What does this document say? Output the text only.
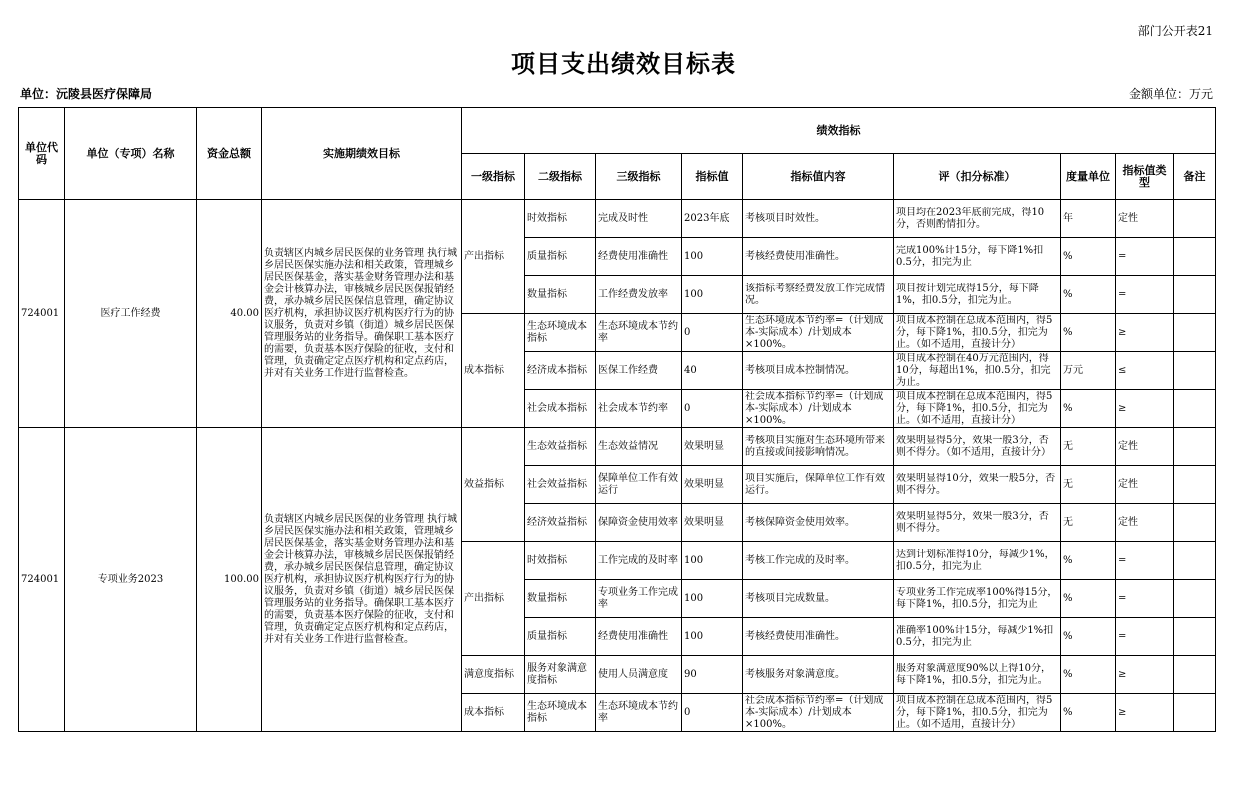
部门公开表21
项目支出绩效目标表
单位：沅陵县医疗保障局	金额单位：万元
单位代码	单位（专项）名称	资金总额	实施期绩效目标	绩效指标								
				一级指标	二级指标	三级指标	指标值	指标值内容	评（扣分标准）	度量单位	指标值类型	备注
724001	医疗工作经费	40.00	负责辖区内城乡居民医保的业务管理 执行城乡居民医保实施办法和相关政策，管理城乡居民医保基金，落实基金财务管理办法和基金会计核算办法，审核城乡居民医保报销经费，承办城乡居民医保信息管理，确定协议医疗机构，承担协议医疗机构医疗行为的协议服务，负责对乡镇（街道）城乡居民医保管理服务站的业务指导。确保职工基本医疗的需要，负责基本医疗保险的征收，支付和管理，负责确定定点医疗机构和定点药店，并对有关业务工作进行监督检查。	产出指标	时效指标	完成及时性	2023年底	考核项目时效性。	项目均在2023年底前完成，得10分，否则酌情扣分。	年	定性	
					质量指标	经费使用准确性	100	考核经费使用准确性。	完成100%计15分，每下降1%扣0.5分，扣完为止	%	=	
					数量指标	工作经费发放率	100	该指标考察经费发放工作完成情况。	项目按计划完成得15分，每下降1%，扣0.5分，扣完为止。	%	=	
				成本指标	生态环境成本指标	生态环境成本节约率	0	生态环境成本节约率=（计划成本-实际成本）/计划成本×100%。	项目成本控制在总成本范围内，得5分，每下降1%，扣0.5分，扣完为止。（如不适用，直接计分）	%	≥	
					经济成本指标	医保工作经费	40	考核项目成本控制情况。	项目成本控制在40万元范围内，得10分，每超出1%，扣0.5分，扣完为止。	万元	≤	
					社会成本指标	社会成本节约率	0	社会成本指标节约率=（计划成本-实际成本）/计划成本×100%。	项目成本控制在总成本范围内，得5分，每下降1%，扣0.5分，扣完为止。（如不适用，直接计分）	%	≥	
724001	专项业务2023	100.00	负责辖区内城乡居民医保的业务管理 执行城乡居民医保实施办法和相关政策，管理城乡居民医保基金，落实基金财务管理办法和基金会计核算办法，审核城乡居民医保报销经费，承办城乡居民医保信息管理，确定协议医疗机构，承担协议医疗机构医疗行为的协议服务，负责对乡镇（街道）城乡居民医保管理服务站的业务指导。确保职工基本医疗的需要，负责基本医疗保险的征收，支付和管理，负责确定定点医疗机构和定点药店，并对有关业务工作进行监督检查。	效益指标	生态效益指标	生态效益情况	效果明显	考核项目实施对生态环境所带来的直接或间接影响情况。	效果明显得5分，效果一般3分，否则不得分。（如不适用，直接计分）	无	定性	
					社会效益指标	保障单位工作有效运行	效果明显	项目实施后，保障单位工作有效运行。	效果明显得10分，效果一般5分，否则不得分。	无	定性	
					经济效益指标	保障资金使用效率	效果明显	考核保障资金使用效率。	效果明显得5分，效果一般3分，否则不得分。	无	定性	
				产出指标	时效指标	工作完成的及时率	100	考核工作完成的及时率。	达到计划标准得10分，每减少1%，扣0.5分，扣完为止	%	=	
					数量指标	专项业务工作完成率	100	考核项目完成数量。	专项业务工作完成率100%得15分，每下降1%，扣0.5分，扣完为止	%	=	
					质量指标	经费使用准确性	100	考核经费使用准确性。	准确率100%计15分，每减少1%扣0.5分，扣完为止	%	=	
				满意度指标	服务对象满意度指标	使用人员满意度	90	考核服务对象满意度。	服务对象满意度90%以上得10分，每下降1%，扣0.5分，扣完为止。	%	≥	
				成本指标	生态环境成本指标	生态环境成本节约率	0	社会成本指标节约率=（计划成本-实际成本）/计划成本×100%。	项目成本控制在总成本范围内，得5分，每下降1%，扣0.5分，扣完为止。（如不适用，直接计分）	%	≥	
